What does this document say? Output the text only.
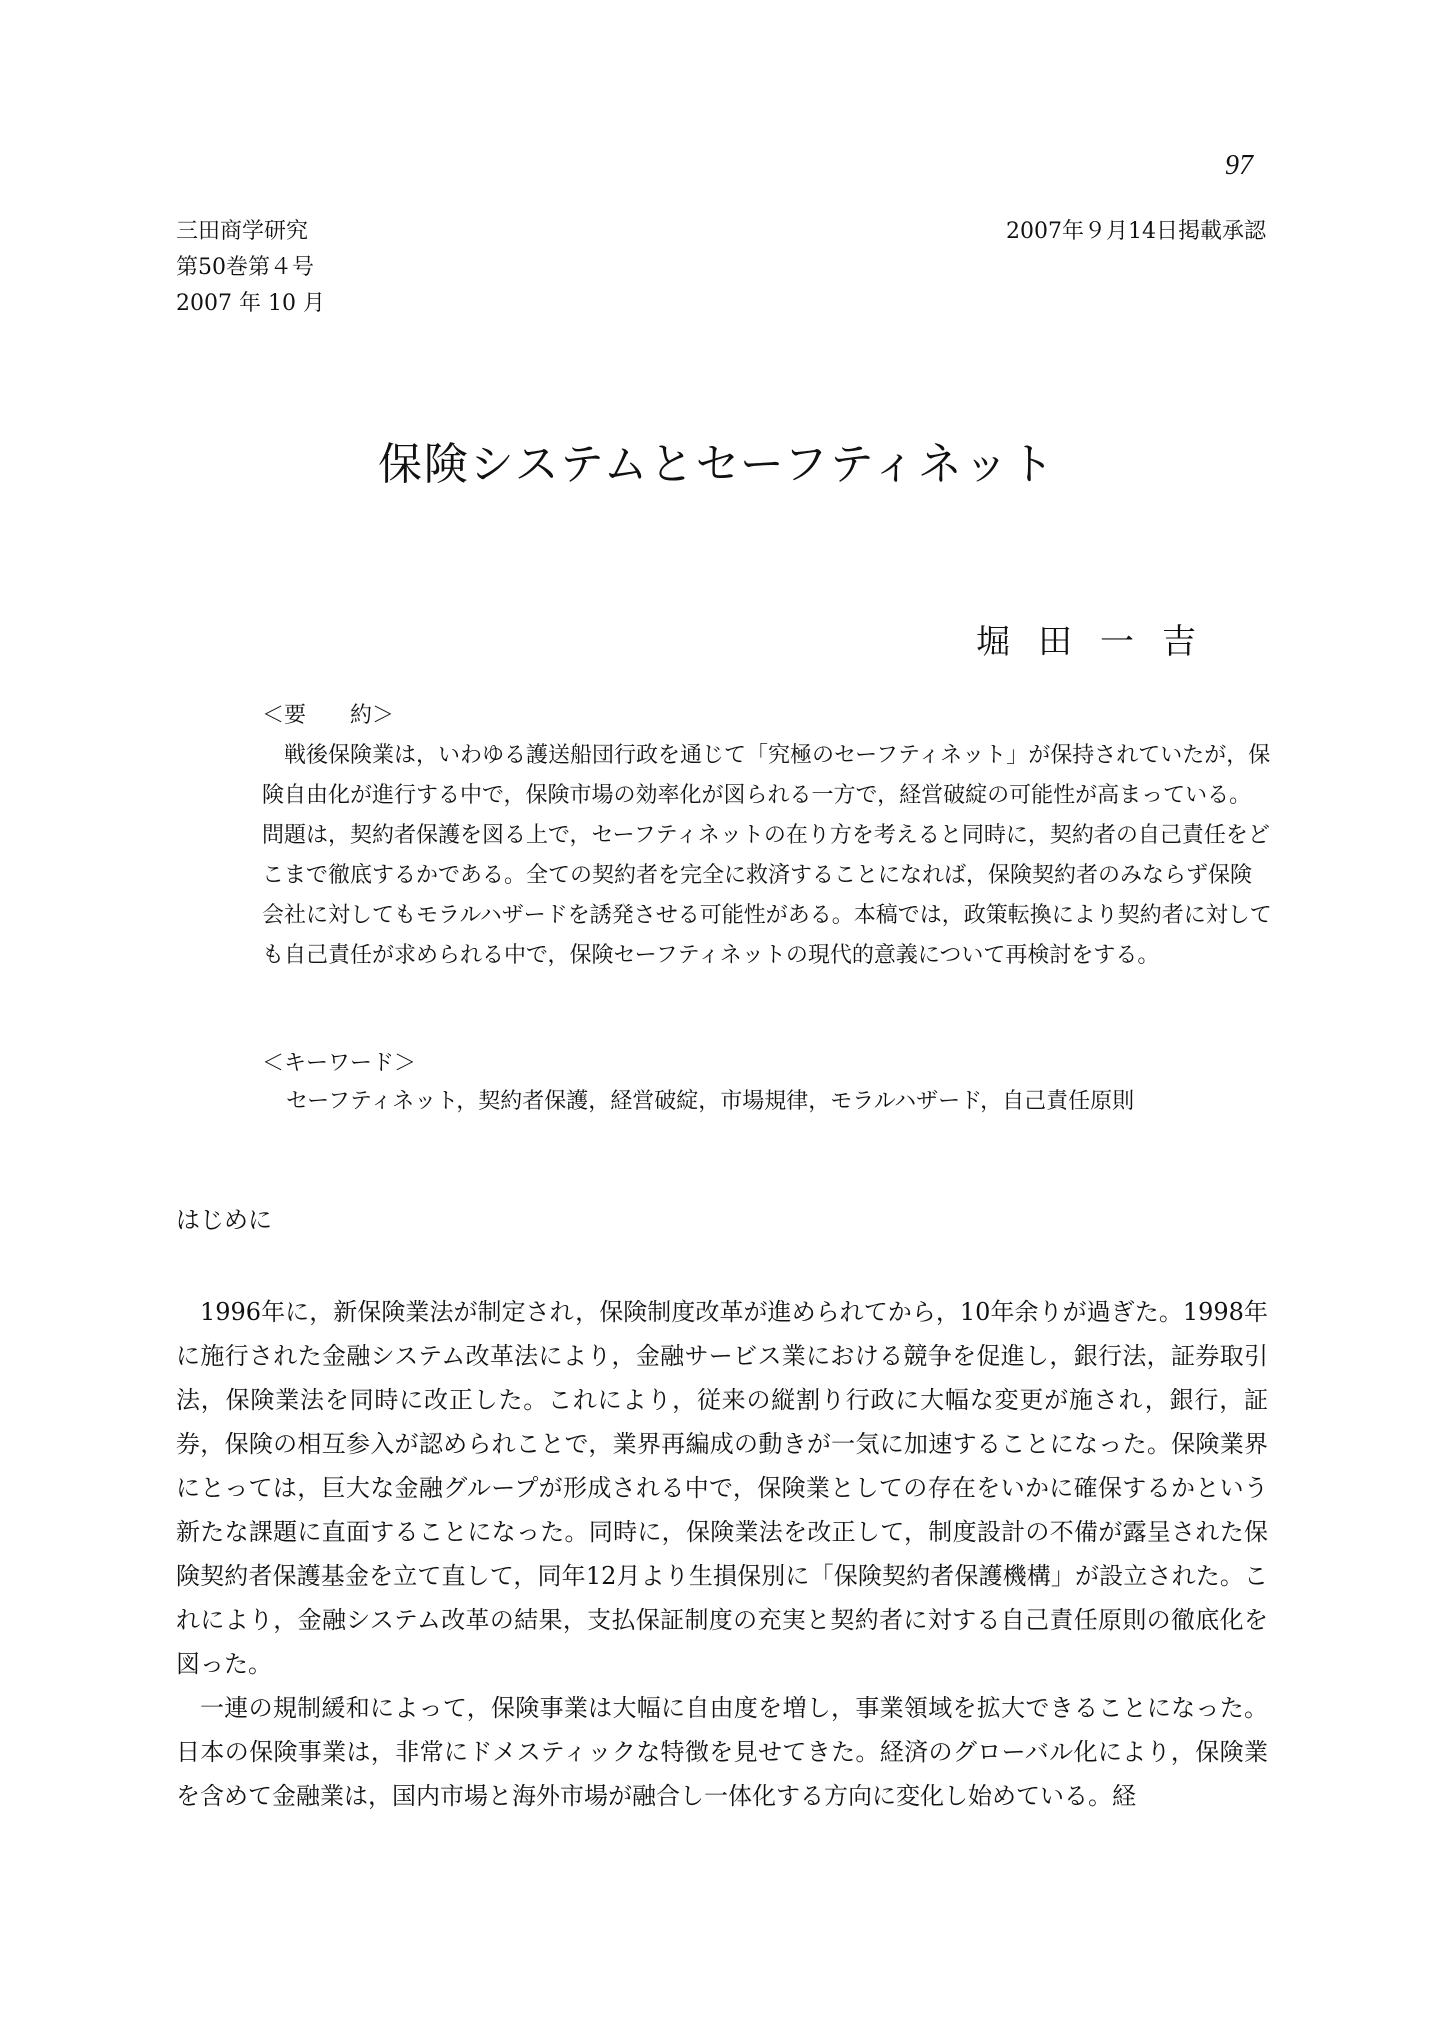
97
三田商学研究
第50巻第４号
2007 年 10 月
2007年９月14日掲載承認
保険システムとセーフティネット
堀田一吉
＜要　　約＞
戦後保険業は，いわゆる護送船団行政を通じて「究極のセーフティネット」が保持されていたが，保険自由化が進行する中で，保険市場の効率化が図られる一方で，経営破綻の可能性が高まっている。問題は，契約者保護を図る上で，セーフティネットの在り方を考えると同時に，契約者の自己責任をどこまで徹底するかである。全ての契約者を完全に救済することになれば，保険契約者のみならず保険会社に対してもモラルハザードを誘発させる可能性がある。本稿では，政策転換により契約者に対しても自己責任が求められる中で，保険セーフティネットの現代的意義について再検討をする。
＜キーワード＞
セーフティネット，契約者保護，経営破綻，市場規律，モラルハザード，自己責任原則
はじめに

1996年に，新保険業法が制定され，保険制度改革が進められてから，10年余りが過ぎた。1998年に施行された金融システム改革法により，金融サービス業における競争を促進し，銀行法，証券取引法，保険業法を同時に改正した。これにより，従来の縦割り行政に大幅な変更が施され，銀行，証券，保険の相互参入が認められことで，業界再編成の動きが一気に加速することになった。保険業界にとっては，巨大な金融グループが形成される中で，保険業としての存在をいかに確保するかという新たな課題に直面することになった。同時に，保険業法を改正して，制度設計の不備が露呈された保険契約者保護基金を立て直して，同年12月より生損保別に「保険契約者保護機構」が設立された。これにより，金融システム改革の結果，支払保証制度の充実と契約者に対する自己責任原則の徹底化を図った。

一連の規制緩和によって，保険事業は大幅に自由度を増し，事業領域を拡大できることになった。日本の保険事業は，非常にドメスティックな特徴を見せてきた。経済のグローバル化により，保険業を含めて金融業は，国内市場と海外市場が融合し一体化する方向に変化し始めている。経
